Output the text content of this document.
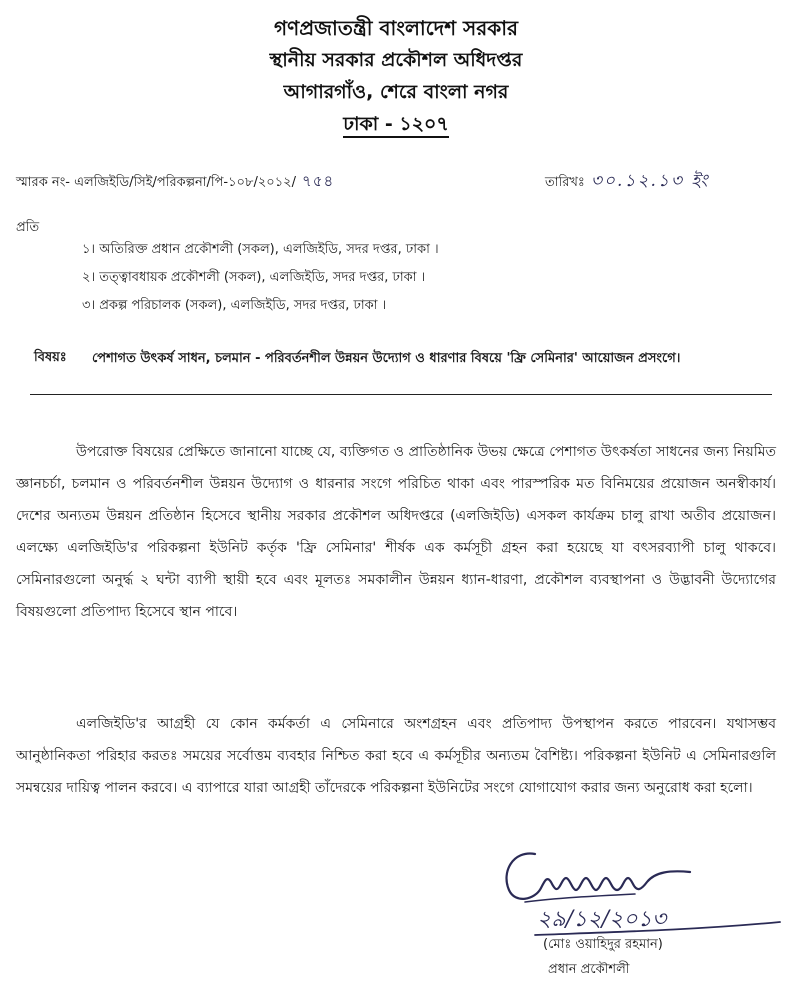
গণপ্রজাতন্ত্রী বাংলাদেশ সরকার
স্থানীয় সরকার প্রকৌশল অধিদপ্তর
আগারগাঁও, শেরে বাংলা নগর
ঢাকা - ১২০৭
স্মারক নং- এলজিইডি/সিই/পরিকল্পনা/পি-১০৮/২০১২/ ৭৫৪	তারিখঃ ৩০.১২.১৩ ইং
প্রতি
১। অতিরিক্ত প্রধান প্রকৌশলী (সকল), এলজিইডি, সদর দপ্তর, ঢাকা ।
২। তত্ত্বাবধায়ক প্রকৌশলী (সকল), এলজিইডি, সদর দপ্তর, ঢাকা ।
৩। প্রকল্প পরিচালক (সকল), এলজিইডি, সদর দপ্তর, ঢাকা ।
বিষয়ঃ পেশাগত উৎকর্ষ সাধন, চলমান - পরিবর্তনশীল উন্নয়ন উদ্যোগ ও ধারণার বিষয়ে 'ফ্রি সেমিনার' আয়োজন প্রসংগে।
উপরোক্ত বিষয়ের প্রেক্ষিতে জানানো যাচ্ছে যে, ব্যক্তিগত ও প্রাতিষ্ঠানিক উভয় ক্ষেত্রে পেশাগত উৎকর্ষতা সাধনের জন্য নিয়মিত জ্ঞানচর্চা, চলমান ও পরিবর্তনশীল উন্নয়ন উদ্যোগ ও ধারনার সংগে পরিচিত থাকা এবং পারস্পরিক মত বিনিময়ের প্রয়োজন অনস্বীকার্য। দেশের অন্যতম উন্নয়ন প্রতিষ্ঠান হিসেবে স্থানীয় সরকার প্রকৌশল অধিদপ্তরে (এলজিইডি) এসকল কার্যক্রম চালু রাখা অতীব প্রয়োজন। এলক্ষ্যে এলজিইডি'র পরিকল্পনা ইউনিট কর্তৃক 'ফ্রি সেমিনার' শীর্ষক এক কর্মসূচী গ্রহন করা হয়েছে যা বৎসরব্যাপী চালু থাকবে। সেমিনারগুলো অনুর্দ্ধ ২ ঘন্টা ব্যাপী স্থায়ী হবে এবং মূলতঃ সমকালীন উন্নয়ন ধ্যান-ধারণা, প্রকৌশল ব্যবস্থাপনা ও উদ্ভাবনী উদ্যোগের বিষয়গুলো প্রতিপাদ্য হিসেবে স্থান পাবে।
এলজিইডি'র আগ্রহী যে কোন কর্মকর্তা এ সেমিনারে অংশগ্রহন এবং প্রতিপাদ্য উপস্থাপন করতে পারবেন। যথাসম্ভব আনুষ্ঠানিকতা পরিহার করতঃ সময়ের সর্বোত্তম ব্যবহার নিশ্চিত করা হবে এ কর্মসূচীর অন্যতম বৈশিষ্ট্য। পরিকল্পনা ইউনিট এ সেমিনারগুলি সমন্বয়ের দায়িত্ব পালন করবে। এ ব্যাপারে যারা আগ্রহী তাঁদেরকে পরিকল্পনা ইউনিটের সংগে যোগাযোগ করার জন্য অনুরোধ করা হলো।
২৯/১২/২০১৩
(মোঃ ওয়াহিদুর রহমান)
প্রধান প্রকৌশলী
